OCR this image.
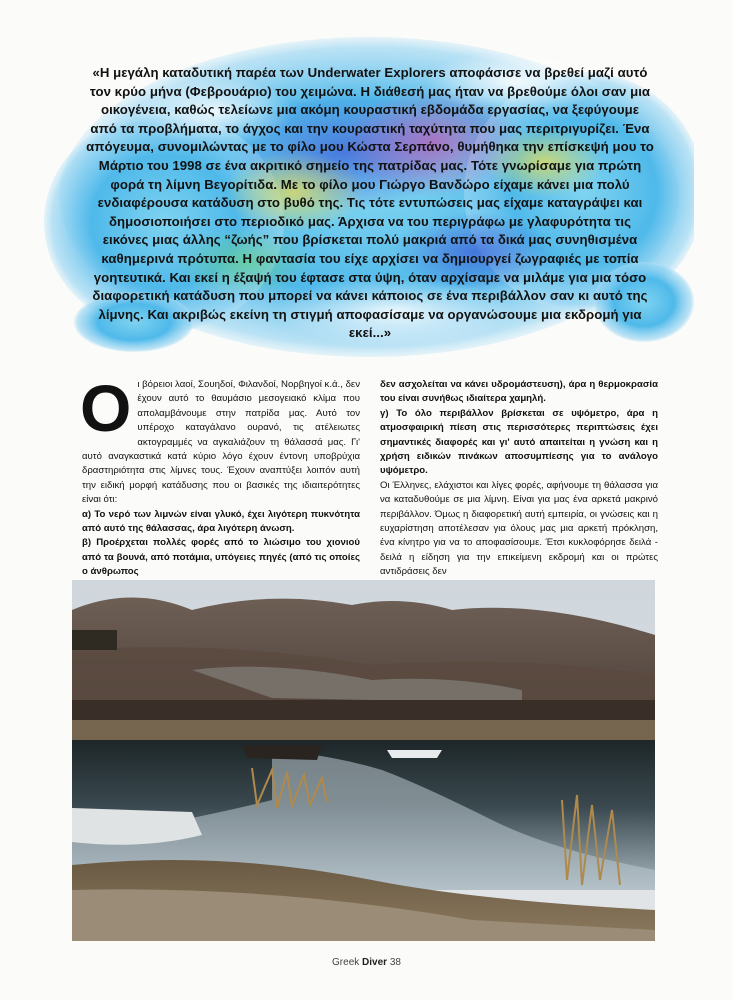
«Η μεγάλη καταδυτική παρέα των Underwater Explorers αποφάσισε να βρεθεί μαζί αυτό τον κρύο μήνα (Φεβρουάριο) του χειμώνα. Η διάθεσή μας ήταν να βρεθούμε όλοι σαν μια οικογένεια, καθώς τελείωνε μια ακόμη κουραστική εβδομάδα εργασίας, να ξεφύγουμε από τα προβλήματα, το άγχος και την κουραστική ταχύτητα που μας περιτριγυρίζει. Ένα απόγευμα, συνομιλώντας με το φίλο μου Κώστα Σερπάνο, θυμήθηκα την επίσκεψή μου το Μάρτιο του 1998 σε ένα ακριτικό σημείο της πατρίδας μας. Τότε γνωρίσαμε για πρώτη φορά τη λίμνη Βεγορίτιδα. Με το φίλο μου Γιώργο Βανδώρο είχαμε κάνει μια πολύ ενδιαφέρουσα κατάδυση στο βυθό της. Τις τότε εντυπώσεις μας είχαμε καταγράψει και δημοσιοποιήσει στο περιοδικό μας. Άρχισα να του περιγράφω με γλαφυρότητα τις εικόνες μιας άλλης “ζωής” που βρίσκεται πολύ μακριά από τα δικά μας συνηθισμένα καθημερινά πρότυπα. Η φαντασία του είχε αρχίσει να δημιουργεί ζωγραφιές με τοπία γοητευτικά. Και εκεί η έξαψή του έφτασε στα ύψη, όταν αρχίσαμε να μιλάμε για μια τόσο διαφορετική κατάδυση που μπορεί να κάνει κάποιος σε ένα περιβάλλον σαν κι αυτό της λίμνης. Και ακριβώς εκείνη τη στιγμή αποφασίσαμε να οργανώσουμε μια εκδρομή για εκεί...»

Οι βόρειοι λαοί, Σουηδοί, Φιλανδοί, Νορβηγοί κ.ά., δεν έχουν αυτό το θαυμάσιο μεσογειακό κλίμα που απολαμβάνουμε στην πατρίδα μας. Αυτό τον υπέροχο καταγάλανο ουρανό, τις ατέλειωτες ακτογραμμές να αγκαλιάζουν τη θάλασσά μας. Γι' αυτό αναγκαστικά κατά κύριο λόγο έχουν έντονη υποβρύχια δραστηριότητα στις λίμνες τους. Έχουν αναπτύξει λοιπόν αυτή την ειδική μορφή κατάδυσης που οι βασικές της ιδιαιτερότητες είναι ότι:

α) Το νερό των λιμνών είναι γλυκό, έχει λιγότερη πυκνότητα από αυτό της θάλασσας, άρα λιγότερη άνωση.

β) Προέρχεται πολλές φορές από το λιώσιμο του χιονιού από τα βουνά, από ποτάμια, υπόγειες πηγές (από τις οποίες ο άνθρωπος

δεν ασχολείται να κάνει υδρομάστευση), άρα η θερμοκρασία του είναι συνήθως ιδιαίτερα χαμηλή.

γ) Το όλο περιβάλλον βρίσκεται σε υψόμετρο, άρα η ατμοσφαιρική πίεση στις περισσότερες περιπτώσεις έχει σημαντικές διαφορές και γι' αυτό απαιτείται η γνώση και η χρήση ειδικών πινάκων αποσυμπίεσης για το ανάλογο υψόμετρο.

Οι Έλληνες, ελάχιστοι και λίγες φορές, αφήνουμε τη θάλασσα για να καταδυθούμε σε μια λίμνη. Είναι για μας ένα αρκετά μακρινό περιβάλλον. Όμως η διαφορετική αυτή εμπειρία, οι γνώσεις και η ευχαρίστηση αποτέλεσαν για όλους μας μια αρκετή πρόκληση, ένα κίνητρο για να το αποφασίσουμε. Έτσι κυκλοφόρησε δειλά - δειλά η είδηση για την επικείμενη εκδρομή και οι πρώτες αντιδράσεις δεν

Greek Diver 38
